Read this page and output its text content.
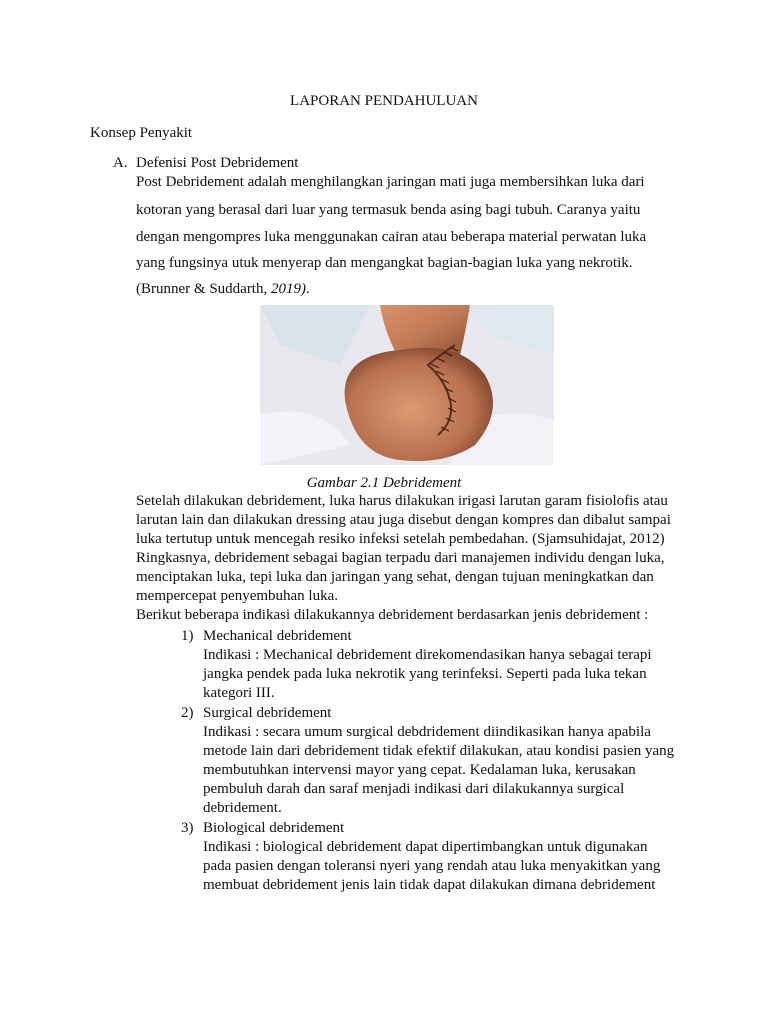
LAPORAN PENDAHULUAN
Konsep Penyakit
A. Defenisi Post Debridement
Post Debridement adalah menghilangkan jaringan mati juga membersihkan luka dari
kotoran yang berasal dari luar yang termasuk benda asing bagi tubuh. Caranya yaitu
dengan mengompres luka menggunakan cairan atau beberapa material perwatan luka
yang fungsinya utuk menyerap dan mengangkat bagian-bagian luka yang nekrotik.
(Brunner & Suddarth, 2019).
Gambar 2.1 Debridement
Setelah dilakukan debridement, luka harus dilakukan irigasi larutan garam fisiolofis atau
larutan lain dan dilakukan dressing atau juga disebut dengan kompres dan dibalut sampai
luka tertutup untuk mencegah resiko infeksi setelah pembedahan. (Sjamsuhidajat, 2012)
Ringkasnya, debridement sebagai bagian terpadu dari manajemen individu dengan luka,
menciptakan luka, tepi luka dan jaringan yang sehat, dengan tujuan meningkatkan dan
mempercepat penyembuhan luka.
Berikut beberapa indikasi dilakukannya debridement berdasarkan jenis debridement :
1) Mechanical debridement
Indikasi : Mechanical debridement direkomendasikan hanya sebagai terapi
jangka pendek pada luka nekrotik yang terinfeksi. Seperti pada luka tekan
kategori III.
2) Surgical debridement
Indikasi : secara umum surgical debdridement diindikasikan hanya apabila
metode lain dari debridement tidak efektif dilakukan, atau kondisi pasien yang
membutuhkan intervensi mayor yang cepat. Kedalaman luka, kerusakan
pembuluh darah dan saraf menjadi indikasi dari dilakukannya surgical
debridement.
3) Biological debridement
Indikasi : biological debridement dapat dipertimbangkan untuk digunakan
pada pasien dengan toleransi nyeri yang rendah atau luka menyakitkan yang
membuat debridement jenis lain tidak dapat dilakukan dimana debridement
